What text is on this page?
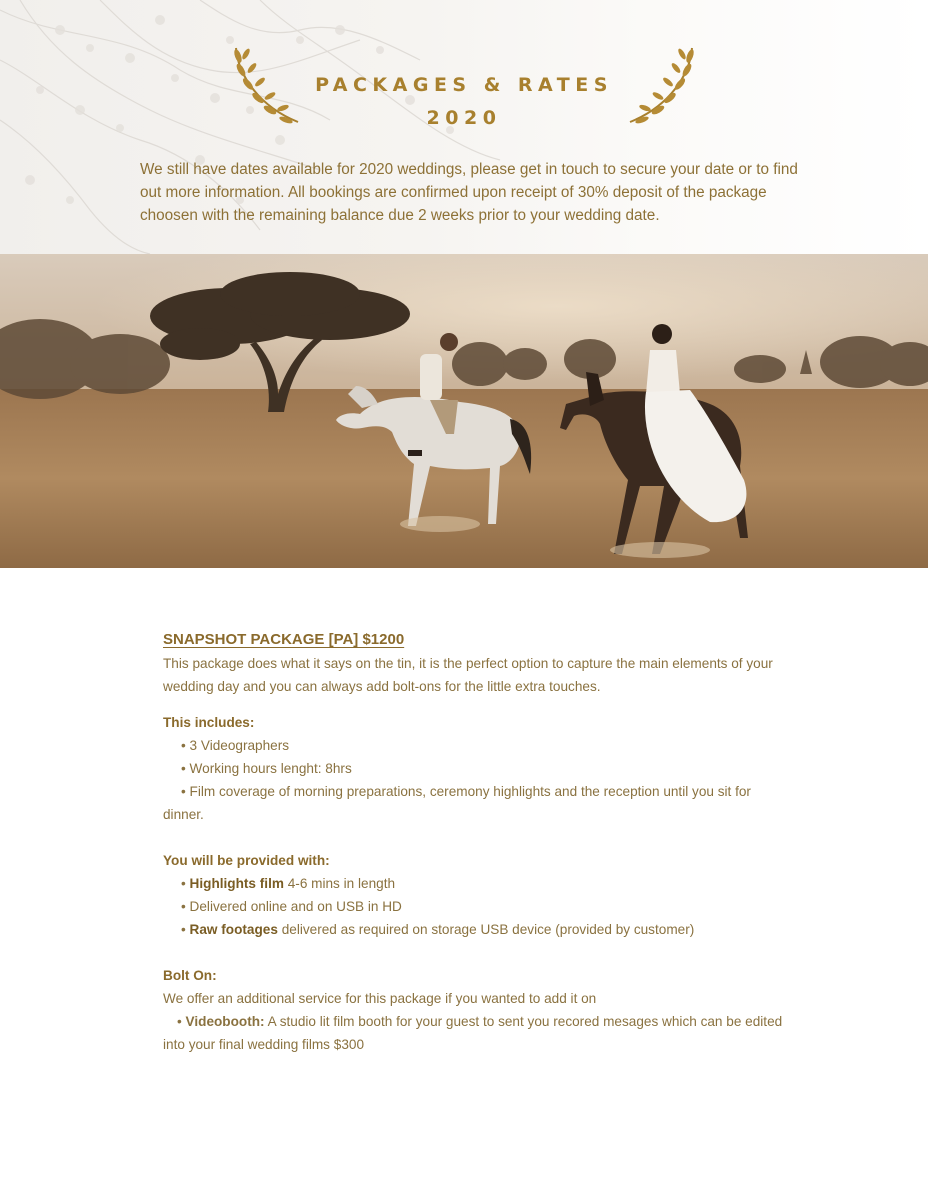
PACKAGES & RATES
2020
We still have dates available for 2020 weddings, please get in touch to secure your date or to find out more information. All bookings are confirmed upon receipt of 30% deposit of the package choosen with the remaining balance due 2 weeks prior to your wedding date.

SNAPSHOT PACKAGE [PA] $1200

This package does what it says on the tin, it is the perfect option to capture the main elements of your wedding day and you can always add bolt-ons for the little extra touches.

This includes:

• 3 Videographers

• Working hours lenght: 8hrs

• Film coverage of morning preparations, ceremony highlights and the reception until you sit for dinner.

You will be provided with:

• Highlights film 4-6 mins in length

• Delivered online and on USB in HD

• Raw footages delivered as required on storage USB device (provided by customer)

Bolt On:

We offer an additional service for this package if you wanted to add it on

• Videobooth: A studio lit film booth for your guest to sent you recored mesages which can be edited into your final wedding films $300
